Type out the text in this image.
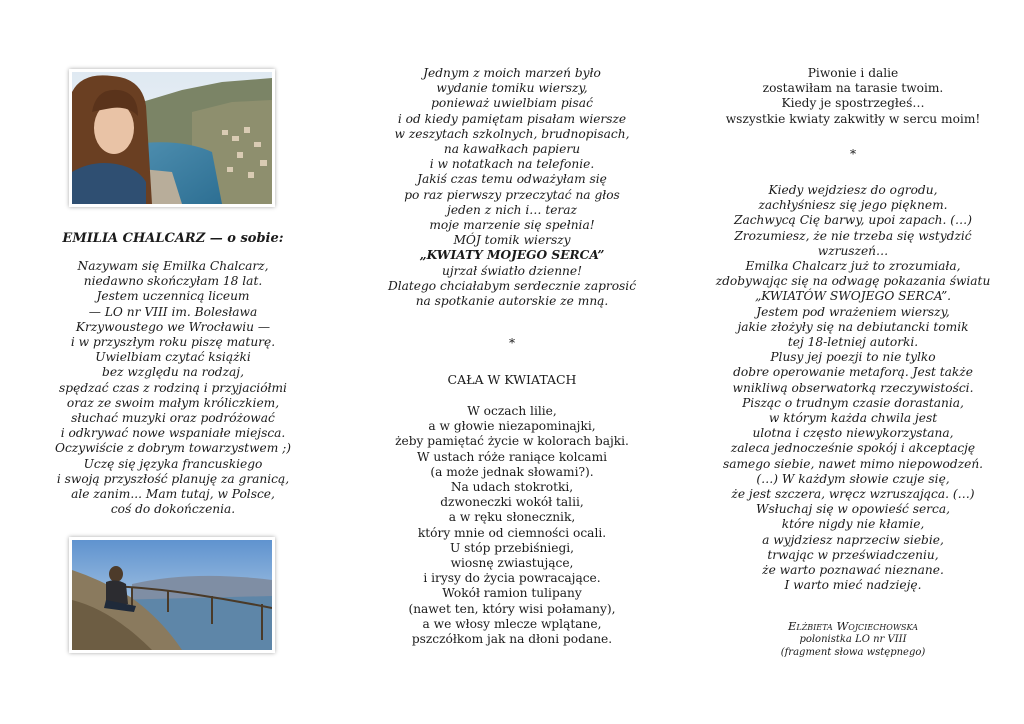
EMILIA CHALCARZ — o sobie:

Nazywam się Emilka Chalcarz,

niedawno skończyłam 18 lat.

Jestem uczennicą liceum

— LO nr VIII im. Bolesława

Krzywoustego we Wrocławiu —

i w przyszłym roku piszę maturę.

Uwielbiam czytać książki

bez względu na rodzaj,

spędzać czas z rodziną i przyjaciółmi

oraz ze swoim małym króliczkiem,

słuchać muzyki oraz podróżować

i odkrywać nowe wspaniałe miejsca.

Oczywiście z dobrym towarzystwem ;)

Uczę się języka francuskiego

i swoją przyszłość planuję za granicą,

ale zanim... Mam tutaj, w Polsce,

coś do dokończenia.

Jednym z moich marzeń było

wydanie tomiku wierszy,

ponieważ uwielbiam pisać

i od kiedy pamiętam pisałam wiersze

w zeszytach szkolnych, brudnopisach,

na kawałkach papieru

i w notatkach na telefonie.

Jakiś czas temu odważyłam się

po raz pierwszy przeczytać na głos

jeden z nich i… teraz

moje marzenie się spełnia!

MÓJ tomik wierszy

„KWIATY MOJEGO SERCA”

ujrzał światło dzienne!

Dlatego chciałabym serdecznie zaprosić

na spotkanie autorskie ze mną.

*

CAŁA W KWIATACH

W oczach lilie,

a w głowie niezapominajki,

żeby pamiętać życie w kolorach bajki.

W ustach róże raniące kolcami

(a może jednak słowami?).

Na udach stokrotki,

dzwoneczki wokół talii,

a w ręku słonecznik,

który mnie od ciemności ocali.

U stóp przebiśniegi,

wiosnę zwiastujące,

i irysy do życia powracające.

Wokół ramion tulipany

(nawet ten, który wisi połamany),

a we włosy mlecze wplątane,

pszczółkom jak na dłoni podane.

Piwonie i dalie

zostawiłam na tarasie twoim.

Kiedy je spostrzegłeś…

wszystkie kwiaty zakwitły w sercu moim!

*

Kiedy wejdziesz do ogrodu,

zachłyśniesz się jego pięknem.

Zachwycą Cię barwy, upoi zapach. (…)

Zrozumiesz, że nie trzeba się wstydzić

wzruszeń…

Emilka Chalcarz już to zrozumiała,

zdobywając się na odwagę pokazania światu

„KWIATÓW SWOJEGO SERCA”.

Jestem pod wrażeniem wierszy,

jakie złożyły się na debiutancki tomik

tej 18-letniej autorki.

Plusy jej poezji to nie tylko

dobre operowanie metaforą. Jest także

wnikliwą obserwatorką rzeczywistości.

Pisząc o trudnym czasie dorastania,

w którym każda chwila jest

ulotna i często niewykorzystana,

zaleca jednocześnie spokój i akceptację

samego siebie, nawet mimo niepowodzeń.

(…) W każdym słowie czuje się,

że jest szczera, wręcz wzruszająca. (…)

Wsłuchaj się w opowieść serca,

które nigdy nie kłamie,

a wyjdziesz naprzeciw siebie,

trwając w przeświadczeniu,

że warto poznawać nieznane.

I warto mieć nadzieję.

Elżbieta Wojciechowska

polonistka LO nr VIII

(fragment słowa wstępnego)
